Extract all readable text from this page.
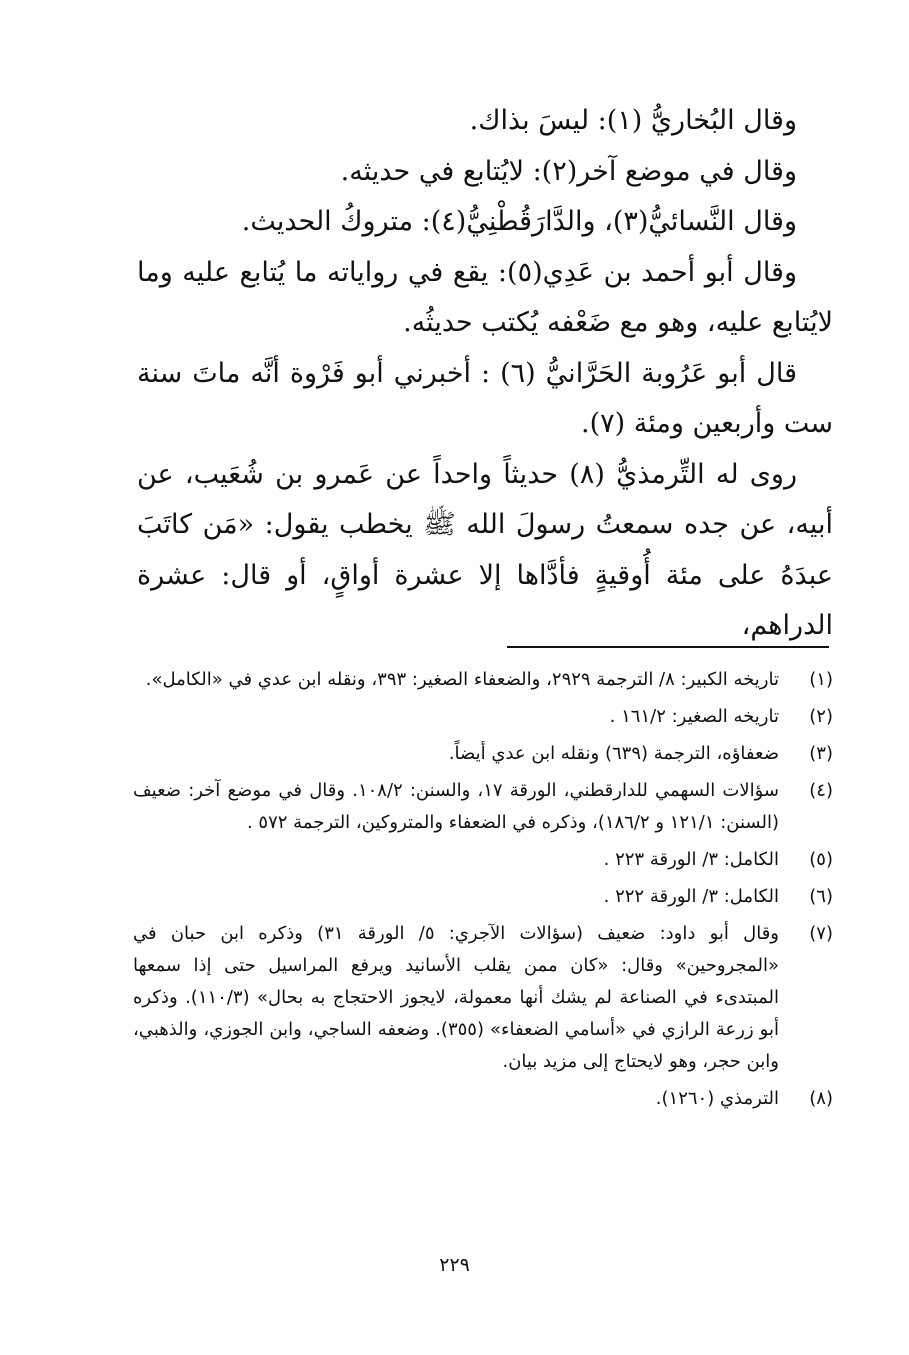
وقال البُخاريُّ (١): ليسَ بذاك.

وقال في موضع آخر(٢): لايُتابع في حديثه.

وقال النَّسائيُّ(٣)، والدَّارَقُطْنِيُّ(٤): متروكُ الحديث.

وقال أبو أحمد بن عَدِي(٥): يقع في رواياته ما يُتابع عليه وما لايُتابع عليه، وهو مع ضَعْفه يُكتب حديثُه.

قال أبو عَرُوبة الحَرَّانيُّ (٦) : أخبرني أبو فَرْوة أنَّه ماتَ سنة ست وأربعين ومئة (٧).

روى له التِّرمذيُّ (٨) حديثاً واحداً عن عَمرو بن شُعَيب، عن أبيه، عن جده سمعتُ رسولَ الله ﷺ يخطب يقول: «مَن كاتَبَ عبدَهُ على مئة أُوقيةٍ فأدَّاها إلا عشرة أواقٍ، أو قال: عشرة الدراهم،

(١)
تاريخه الكبير: ٨/ الترجمة ٢٩٢٩، والضعفاء الصغير: ٣٩٣، ونقله ابن عدي في «الكامل».
(٢)
تاريخه الصغير: ١٦١/٢ .
(٣)
ضعفاؤه، الترجمة (٦٣٩) ونقله ابن عدي أيضاً.
(٤)
سؤالات السهمي للدارقطني، الورقة ١٧، والسنن: ١٠٨/٢. وقال في موضع آخر: ضعيف (السنن: ١٢١/١ و ١٨٦/٢)، وذكره في الضعفاء والمتروكين، الترجمة ٥٧٢ .
(٥)
الكامل: ٣/ الورقة ٢٢٣ .
(٦)
الكامل: ٣/ الورقة ٢٢٢ .
(٧)
وقال أبو داود: ضعيف (سؤالات الآجري: ٥/ الورقة ٣١) وذكره ابن حبان في «المجروحين» وقال: «كان ممن يقلب الأسانيد ويرفع المراسيل حتى إذا سمعها المبتدىء في الصناعة لم يشك أنها معمولة، لايجوز الاحتجاج به بحال» (١١٠/٣). وذكره أبو زرعة الرازي في «أسامي الضعفاء» (٣٥٥). وضعفه الساجي، وابن الجوزي، والذهبي، وابن حجر، وهو لايحتاج إلى مزيد بيان.
(٨)
الترمذي (١٢٦٠).
٢٢٩
